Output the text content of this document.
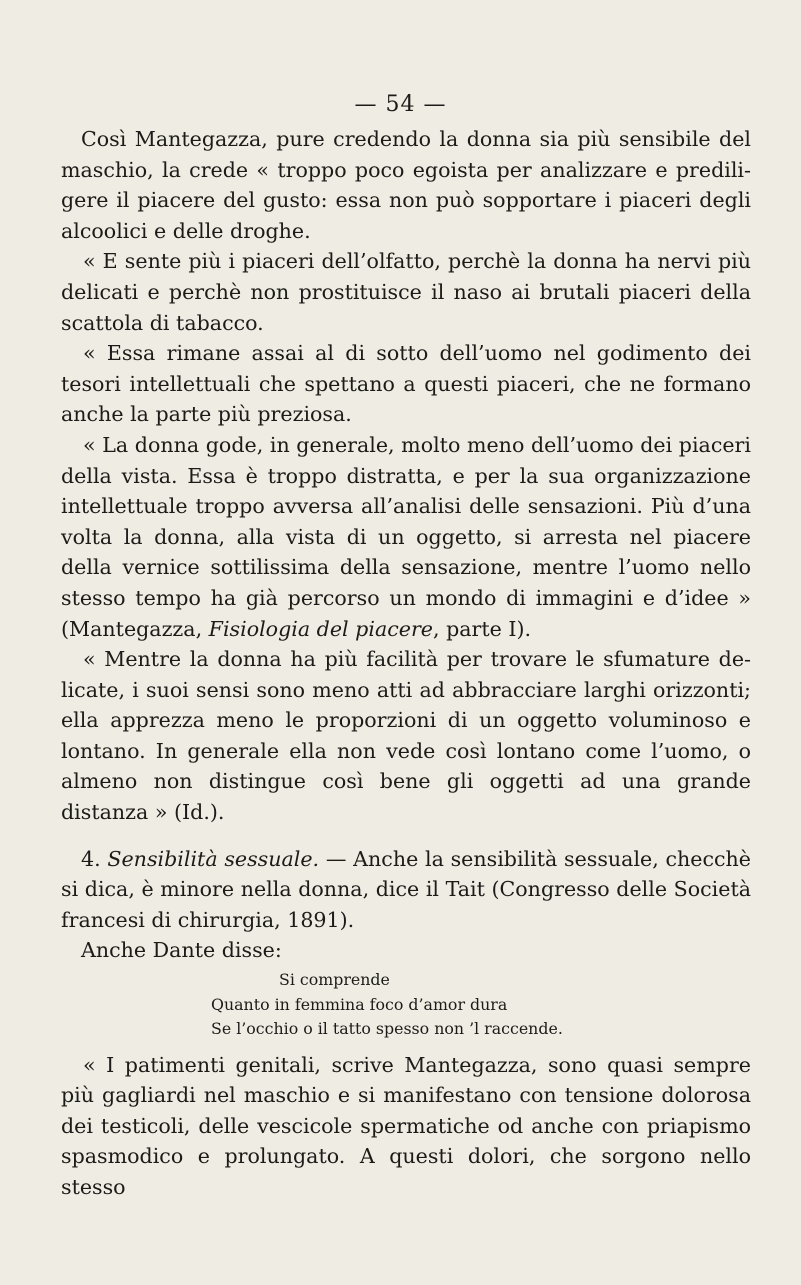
— 54 —

Così Mantegazza, pure credendo la donna sia più sensibile del maschio, la crede « troppo poco egoista per analizzare e prediligere il piacere del gusto: essa non può sopportare i piaceri degli alcoolici e delle droghe.

« E sente più i piaceri dell’olfatto, perchè la donna ha nervi più delicati e perchè non prostituisce il naso ai brutali piaceri della scattola di tabacco.

« Essa rimane assai al di sotto dell’uomo nel godimento dei tesori intellettuali che spettano a questi piaceri, che ne formano anche la parte più preziosa.

« La donna gode, in generale, molto meno dell’uomo dei piaceri della vista. Essa è troppo distratta, e per la sua organizzazione intellettuale troppo avversa all’analisi delle sensazioni. Più d’una volta la donna, alla vista di un oggetto, si arresta nel piacere della vernice sottilissima della sensazione, mentre l’uomo nello stesso tempo ha già percorso un mondo di immagini e d’idee » (Mantegazza, Fisiologia del piacere, parte I).

« Mentre la donna ha più facilità per trovare le sfumature delicate, i suoi sensi sono meno atti ad abbracciare larghi orizzonti; ella apprezza meno le proporzioni di un oggetto voluminoso e lontano. In generale ella non vede così lontano come l’uomo, o almeno non distingue così bene gli oggetti ad una grande distanza » (Id.).

4. Sensibilità sessuale. — Anche la sensibilità sessuale, checchè si dica, è minore nella donna, dice il Tait (Congresso delle Società francesi di chirurgia, 1891).

Anche Dante disse:

Si comprende
Quanto in femmina foco d’amor dura
Se l’occhio o il tatto spesso non ’l raccende.

« I patimenti genitali, scrive Mantegazza, sono quasi sempre più gagliardi nel maschio e si manifestano con tensione dolorosa dei testicoli, delle vescicole spermatiche od anche con priapismo spasmodico e prolungato. A questi dolori, che sorgono nello stesso
